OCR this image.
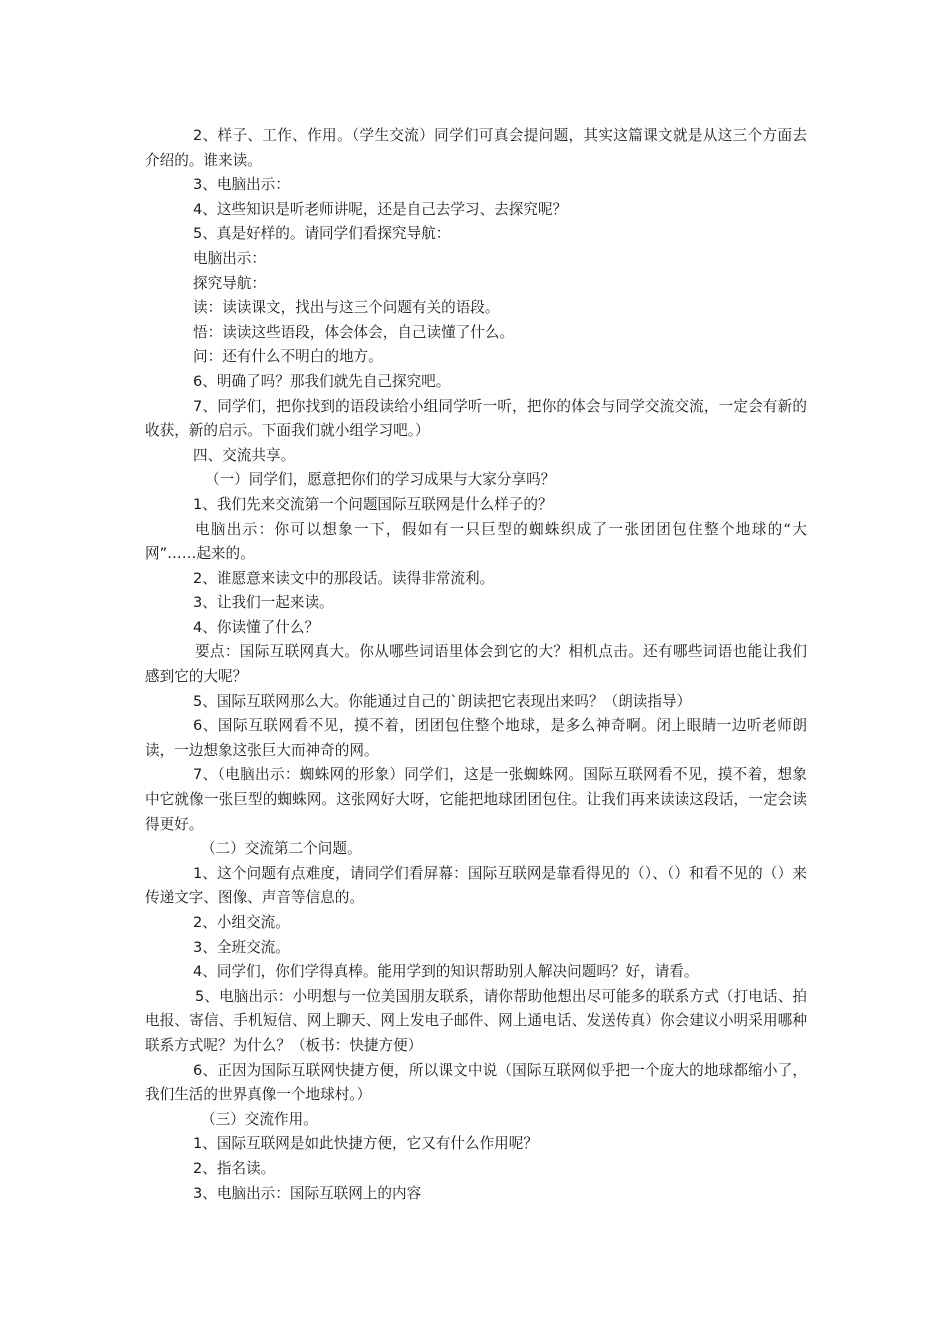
2、样子、工作、作用。（学生交流）同学们可真会提问题，其实这篇课文就是从这三个方面去介绍的。谁来读。

3、电脑出示：

4、这些知识是听老师讲呢，还是自己去学习、去探究呢？

5、真是好样的。请同学们看探究导航：

电脑出示：

探究导航：

读：读读课文，找出与这三个问题有关的语段。

悟：读读这些语段，体会体会，自己读懂了什么。

问：还有什么不明白的地方。

6、明确了吗？那我们就先自己探究吧。

7、同学们，把你找到的语段读给小组同学听一听，把你的体会与同学交流交流，一定会有新的收获，新的启示。下面我们就小组学习吧。）

四、交流共享。

（一）同学们，愿意把你们的学习成果与大家分享吗？

1、我们先来交流第一个问题国际互联网是什么样子的？

电脑出示：你可以想象一下，假如有一只巨型的蜘蛛织成了一张团团包住整个地球的“大网”……起来的。

2、谁愿意来读文中的那段话。读得非常流利。

3、让我们一起来读。

4、你读懂了什么？

要点：国际互联网真大。你从哪些词语里体会到它的大？相机点击。还有哪些词语也能让我们感到它的大呢？

5、国际互联网那么大。你能通过自己的`朗读把它表现出来吗？（朗读指导）

6、国际互联网看不见，摸不着，团团包住整个地球，是多么神奇啊。闭上眼睛一边听老师朗读，一边想象这张巨大而神奇的网。

7、（电脑出示：蜘蛛网的形象）同学们，这是一张蜘蛛网。国际互联网看不见，摸不着，想象中它就像一张巨型的蜘蛛网。这张网好大呀，它能把地球团团包住。让我们再来读读这段话，一定会读得更好。

（二）交流第二个问题。

1、这个问题有点难度，请同学们看屏幕：国际互联网是靠看得见的（）、（）和看不见的（）来传递文字、图像、声音等信息的。

2、小组交流。

3、全班交流。

4、同学们，你们学得真棒。能用学到的知识帮助别人解决问题吗？好，请看。

5、电脑出示：小明想与一位美国朋友联系，请你帮助他想出尽可能多的联系方式（打电话、拍电报、寄信、手机短信、网上聊天、网上发电子邮件、网上通电话、发送传真）你会建议小明采用哪种联系方式呢？为什么？（板书：快捷方便）

6、正因为国际互联网快捷方便，所以课文中说（国际互联网似乎把一个庞大的地球都缩小了，我们生活的世界真像一个地球村。）

（三）交流作用。

1、国际互联网是如此快捷方便，它又有什么作用呢？

2、指名读。

3、电脑出示：国际互联网上的内容
